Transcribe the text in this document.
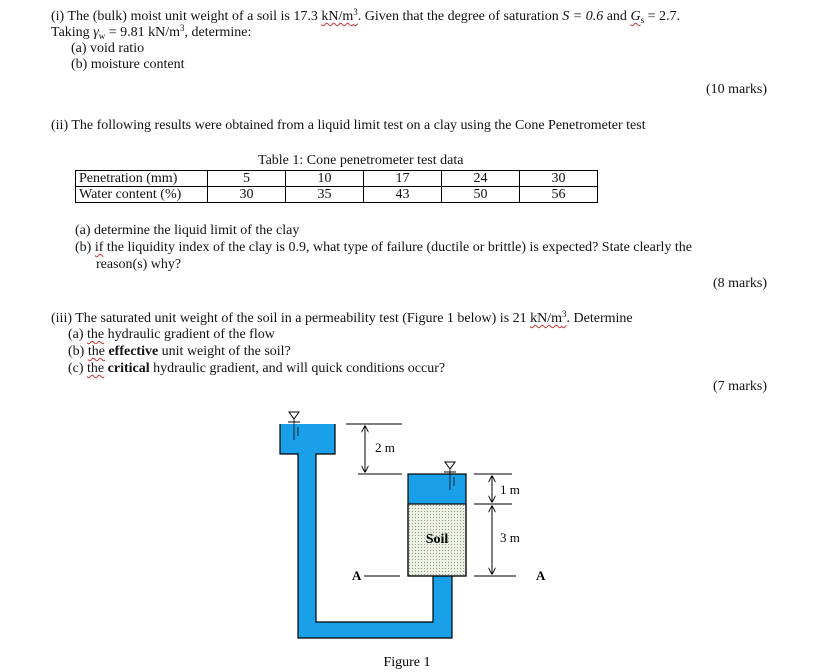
(i) The (bulk) moist unit weight of a soil is 17.3 $kN/m^3$. Given that the degree of saturation S = 0.6 and $G_s = 2.7$.
Taking $\gamma_w = 9.81$ $kN/m^3$, determine:
(a) void ratio
(b) moisture content
(10 marks)
(ii) The following results were obtained from a liquid limit test on a clay using the Cone Penetrometer test
Table 1: Cone penetrometer test data
Penetration (mm)	5	10	17	24	30
Water content (%)	30	35	43	50	56
(a) determine the liquid limit of the clay
(b) if the liquidity index of the clay is 0.9, what type of failure (ductile or brittle) is expected? State clearly the
reason(s) why?
(8 marks)
(iii) The saturated unit weight of the soil in a permeability test (Figure 1 below) is 21 $kN/m^3$. Determine
(a) the hydraulic gradient of the flow
(b) the effective unit weight of the soil?
(c) the critical hydraulic gradient, and will quick conditions occur?
(7 marks)
Soil
2 m
1 m
3 m
A	A
Figure 1
